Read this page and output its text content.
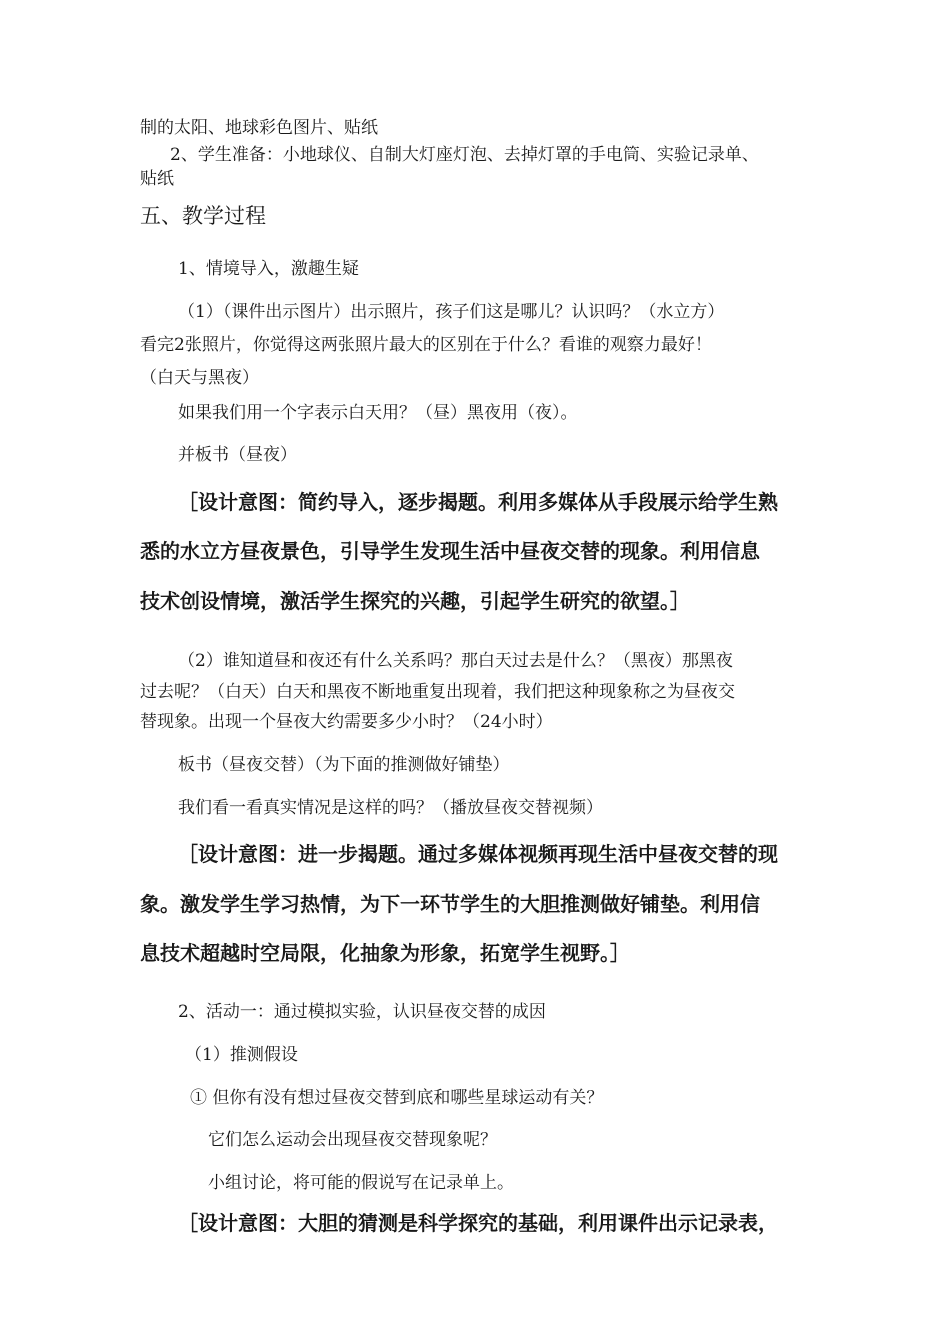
制的太阳、地球彩色图片、贴纸
2、学生准备：小地球仪、自制大灯座灯泡、去掉灯罩的手电筒、实验记录单、
贴纸
五、教学过程
1、情境导入，激趣生疑
（1）（课件出示图片）出示照片，孩子们这是哪儿？认识吗？（水立方）
看完2张照片，你觉得这两张照片最大的区别在于什么？看谁的观察力最好！
（白天与黑夜）
如果我们用一个字表示白天用？（昼）黑夜用（夜）。
并板书（昼夜）
［设计意图：简约导入，逐步揭题。利用多媒体从手段展示给学生熟
悉的水立方昼夜景色，引导学生发现生活中昼夜交替的现象。利用信息
技术创设情境，激活学生探究的兴趣，引起学生研究的欲望。］
（2）谁知道昼和夜还有什么关系吗？那白天过去是什么？（黑夜）那黑夜
过去呢？（白天）白天和黑夜不断地重复出现着，我们把这种现象称之为昼夜交
替现象。出现一个昼夜大约需要多少小时？（24小时）
板书（昼夜交替）（为下面的推测做好铺垫）
我们看一看真实情况是这样的吗？（播放昼夜交替视频）
［设计意图：进一步揭题。通过多媒体视频再现生活中昼夜交替的现
象。激发学生学习热情，为下一环节学生的大胆推测做好铺垫。利用信
息技术超越时空局限，化抽象为形象，拓宽学生视野。］
2、活动一：通过模拟实验，认识昼夜交替的成因
（1）推测假设
① 但你有没有想过昼夜交替到底和哪些星球运动有关？
它们怎么运动会出现昼夜交替现象呢？
小组讨论，将可能的假说写在记录单上。
［设计意图：大胆的猜测是科学探究的基础，利用课件出示记录表，
